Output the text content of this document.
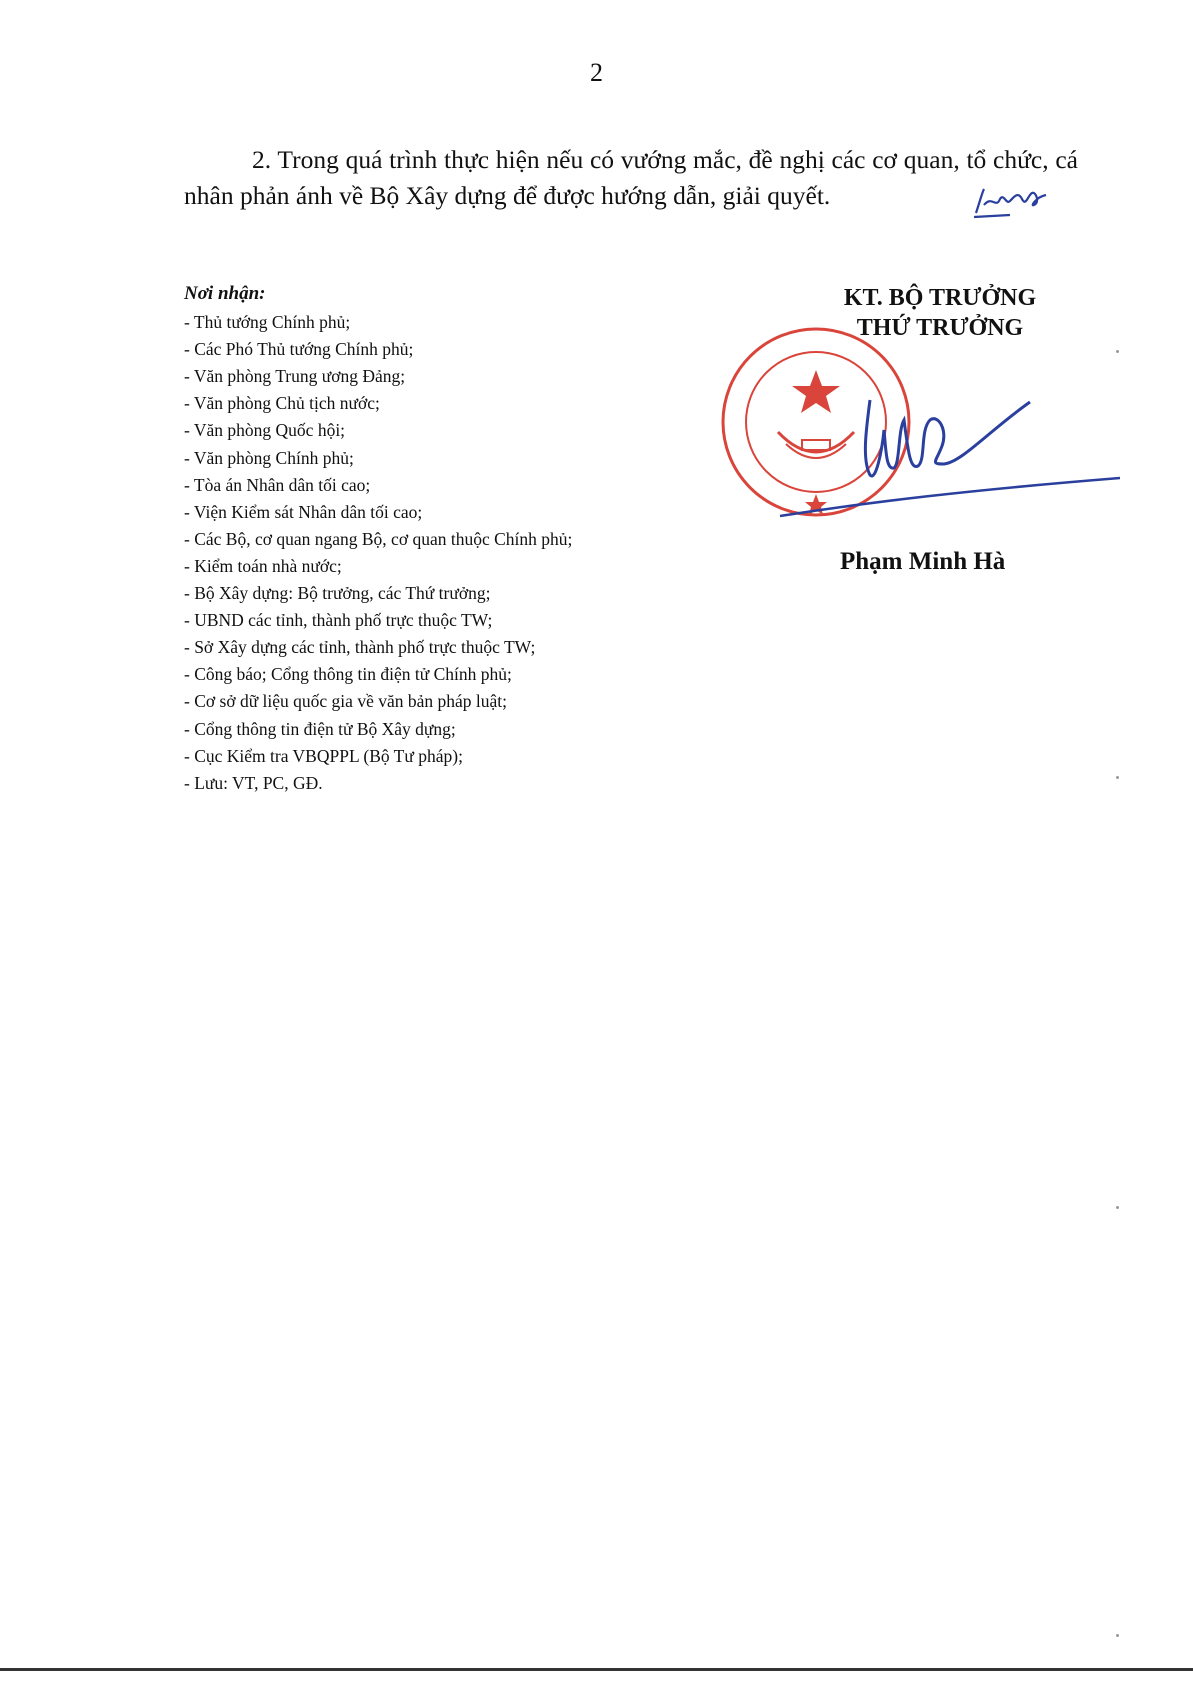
2
2. Trong quá trình thực hiện nếu có vướng mắc, đề nghị các cơ quan, tổ chức, cá nhân phản ánh về Bộ Xây dựng để được hướng dẫn, giải quyết.
Nơi nhận:
- Thủ tướng Chính phủ;
- Các Phó Thủ tướng Chính phủ;
- Văn phòng Trung ương Đảng;
- Văn phòng Chủ tịch nước;
- Văn phòng Quốc hội;
- Văn phòng Chính phủ;
- Tòa án Nhân dân tối cao;
- Viện Kiểm sát Nhân dân tối cao;
- Các Bộ, cơ quan ngang Bộ, cơ quan thuộc Chính phủ;
- Kiểm toán nhà nước;
- Bộ Xây dựng: Bộ trưởng, các Thứ trưởng;
- UBND các tỉnh, thành phố trực thuộc TW;
- Sở Xây dựng các tỉnh, thành phố trực thuộc TW;
- Công báo; Cổng thông tin điện tử Chính phủ;
- Cơ sở dữ liệu quốc gia về văn bản pháp luật;
- Cổng thông tin điện tử Bộ Xây dựng;
- Cục Kiểm tra VBQPPL (Bộ Tư pháp);
- Lưu: VT, PC, GĐ.
KT. BỘ TRƯỞNG
THỨ TRƯỞNG
Phạm Minh Hà
